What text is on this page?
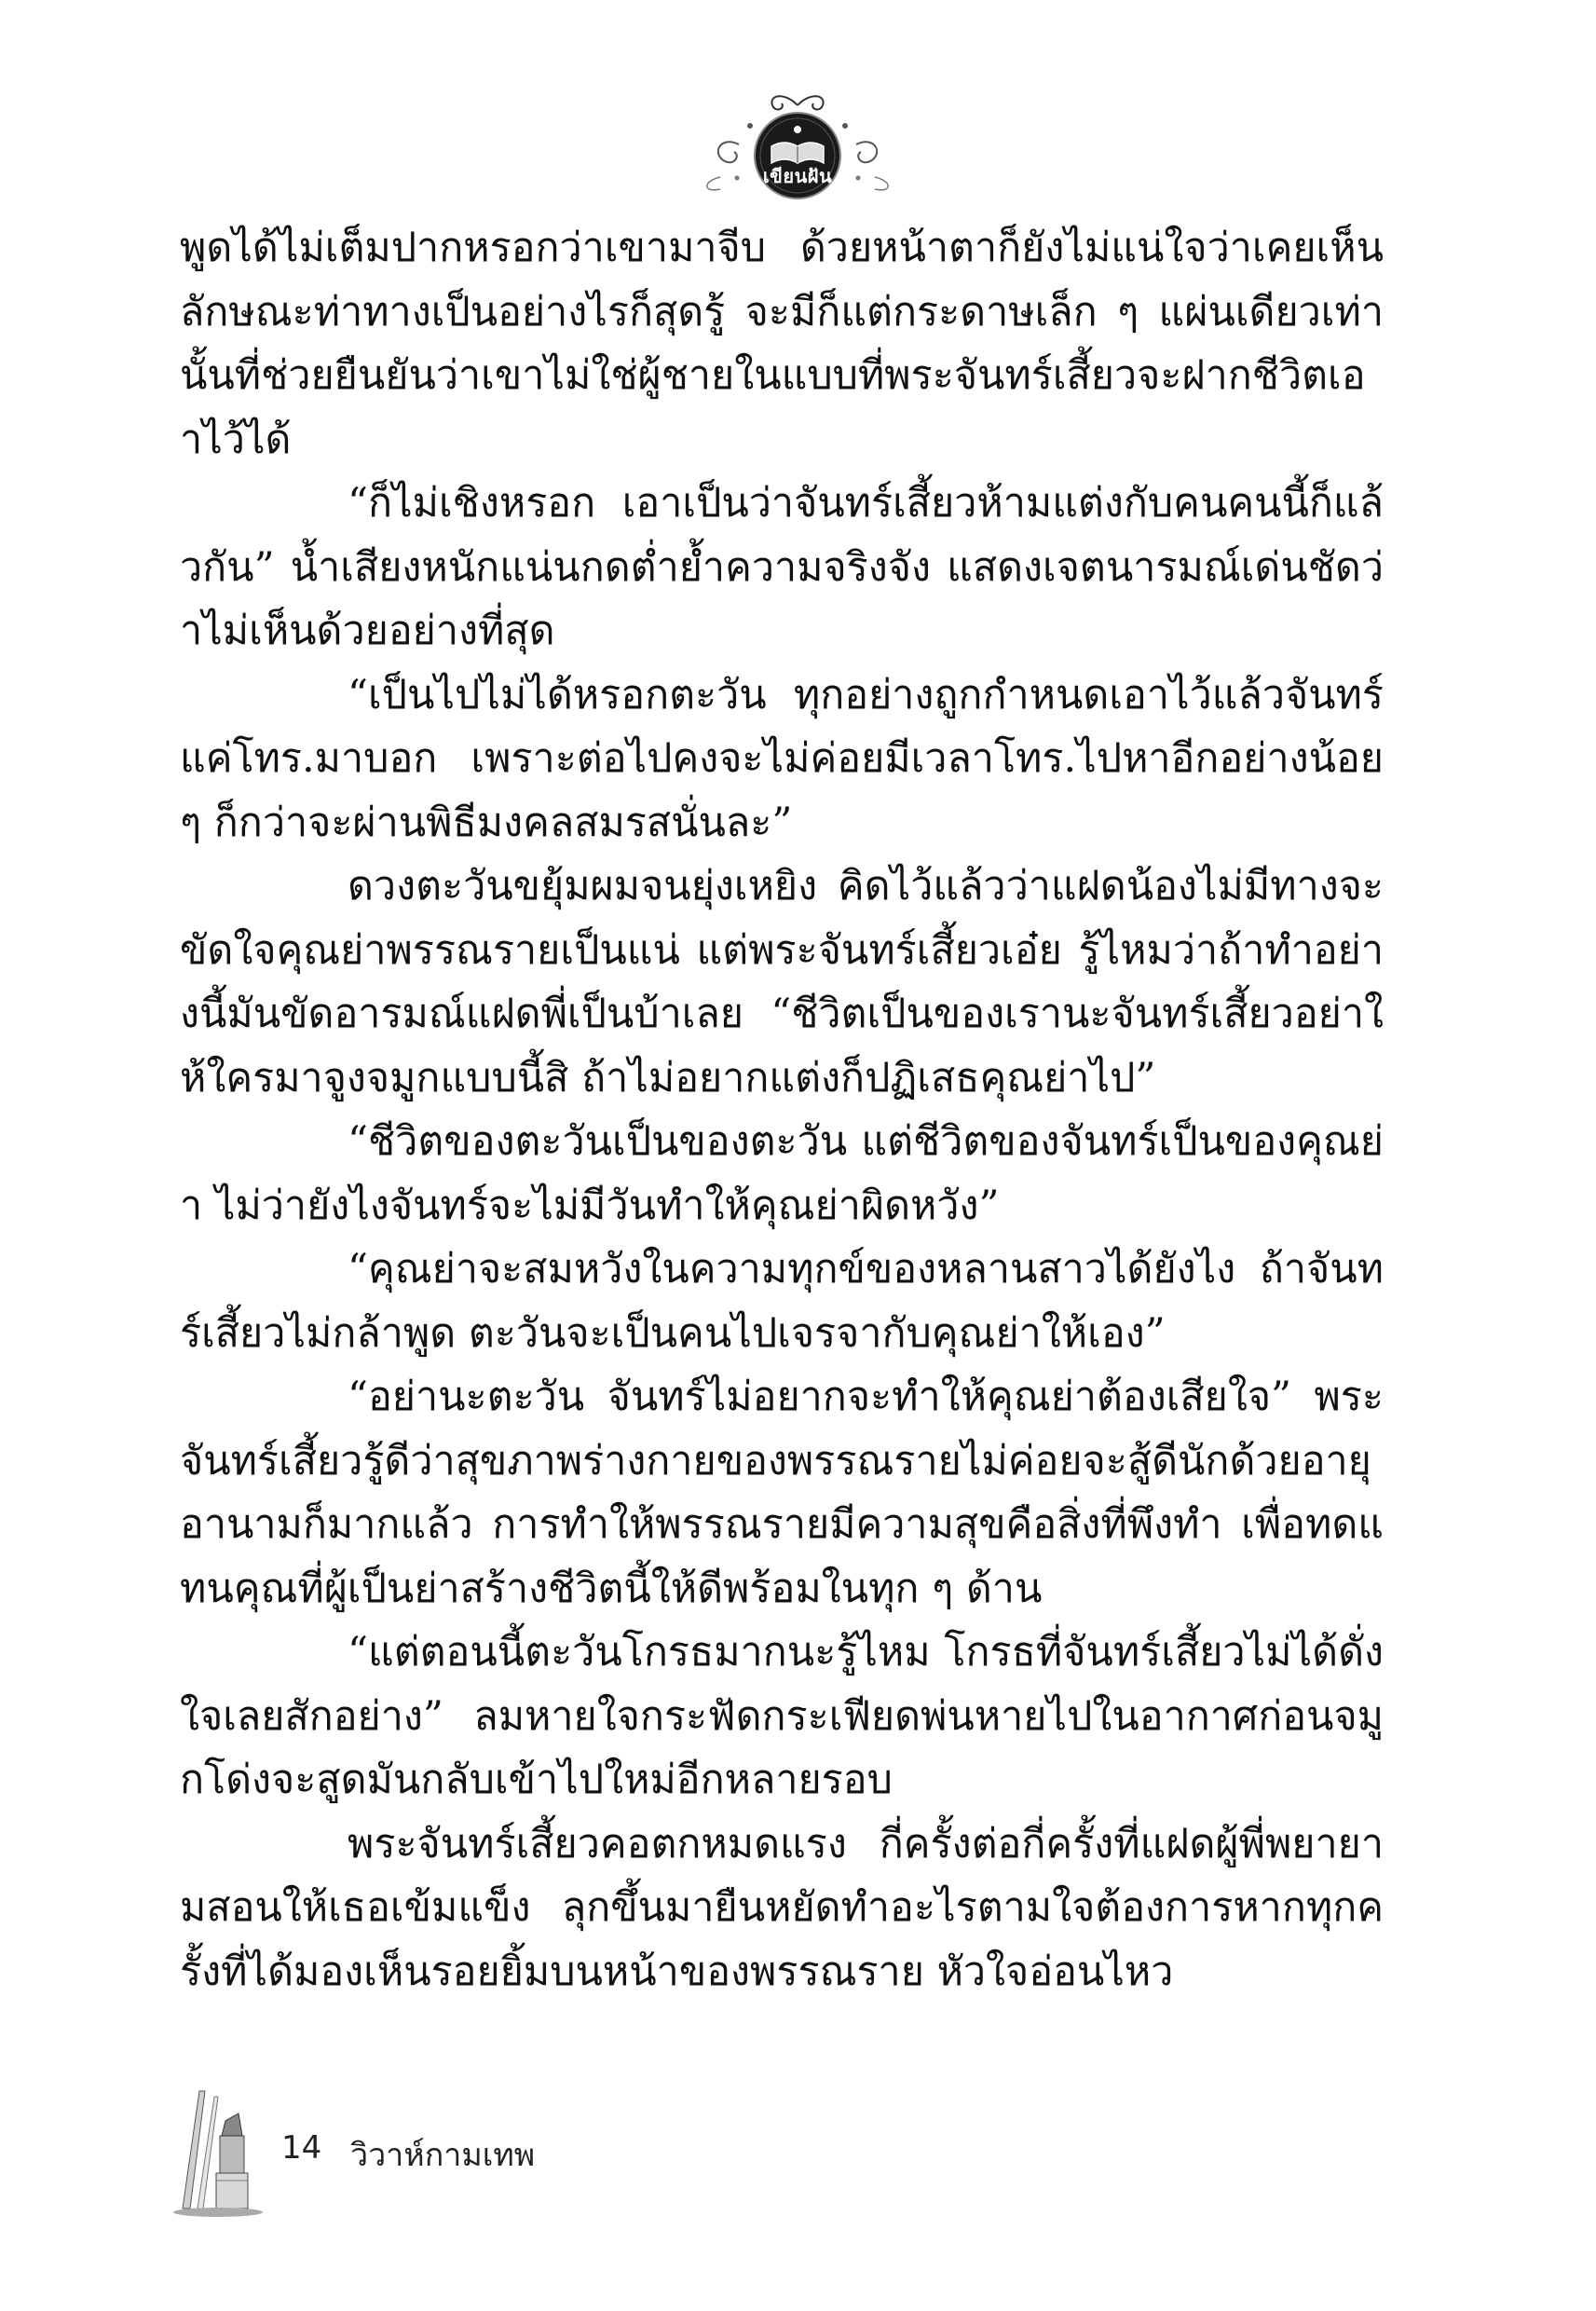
เขียนฝัน

พูดได้ไม่เต็มปากหรอกว่าเขามาจีบ ด้วยหน้าตาก็ยังไม่แน่ใจว่าเคยเห็นลักษณะท่าทางเป็นอย่างไรก็สุดรู้ จะมีก็แต่กระดาษเล็ก ๆ แผ่นเดียวเท่านั้นที่ช่วยยืนยันว่าเขาไม่ใช่ผู้ชายในแบบที่พระจันทร์เสี้ยวจะฝากชีวิตเอาไว้ได้

“ก็ไม่เชิงหรอก เอาเป็นว่าจันทร์เสี้ยวห้ามแต่งกับคนคนนี้ก็แล้วกัน” น้ำเสียงหนักแน่นกดต่ำย้ำความจริงจัง แสดงเจตนารมณ์เด่นชัดว่าไม่เห็นด้วยอย่างที่สุด

“เป็นไปไม่ได้หรอกตะวัน ทุกอย่างถูกกำหนดเอาไว้แล้วจันทร์แค่โทร.มาบอก เพราะต่อไปคงจะไม่ค่อยมีเวลาโทร.ไปหาอีกอย่างน้อย ๆ ก็กว่าจะผ่านพิธีมงคลสมรสนั่นละ”

ดวงตะวันขยุ้มผมจนยุ่งเหยิง คิดไว้แล้วว่าแฝดน้องไม่มีทางจะขัดใจคุณย่าพรรณรายเป็นแน่ แต่พระจันทร์เสี้ยวเอ๋ย รู้ไหมว่าถ้าทำอย่างนี้มันขัดอารมณ์แฝดพี่เป็นบ้าเลย “ชีวิตเป็นของเรานะจันทร์เสี้ยวอย่าให้ใครมาจูงจมูกแบบนี้สิ ถ้าไม่อยากแต่งก็ปฏิเสธคุณย่าไป”

“ชีวิตของตะวันเป็นของตะวัน แต่ชีวิตของจันทร์เป็นของคุณย่า ไม่ว่ายังไงจันทร์จะไม่มีวันทำให้คุณย่าผิดหวัง”

“คุณย่าจะสมหวังในความทุกข์ของหลานสาวได้ยังไง ถ้าจันทร์เสี้ยวไม่กล้าพูด ตะวันจะเป็นคนไปเจรจากับคุณย่าให้เอง”

“อย่านะตะวัน จันทร์ไม่อยากจะทำให้คุณย่าต้องเสียใจ” พระจันทร์เสี้ยวรู้ดีว่าสุขภาพร่างกายของพรรณรายไม่ค่อยจะสู้ดีนักด้วยอายุอานามก็มากแล้ว การทำให้พรรณรายมีความสุขคือสิ่งที่พึงทำ เพื่อทดแทนคุณที่ผู้เป็นย่าสร้างชีวิตนี้ให้ดีพร้อมในทุก ๆ ด้าน

“แต่ตอนนี้ตะวันโกรธมากนะรู้ไหม โกรธที่จันทร์เสี้ยวไม่ได้ดั่งใจเลยสักอย่าง” ลมหายใจกระฟัดกระเฟียดพ่นหายไปในอากาศก่อนจมูกโด่งจะสูดมันกลับเข้าไปใหม่อีกหลายรอบ

พระจันทร์เสี้ยวคอตกหมดแรง กี่ครั้งต่อกี่ครั้งที่แฝดผู้พี่พยายามสอนให้เธอเข้มแข็ง ลุกขึ้นมายืนหยัดทำอะไรตามใจต้องการหากทุกครั้งที่ได้มองเห็นรอยยิ้มบนหน้าของพรรณราย หัวใจอ่อนไหว

14 วิวาห์กามเทพ
